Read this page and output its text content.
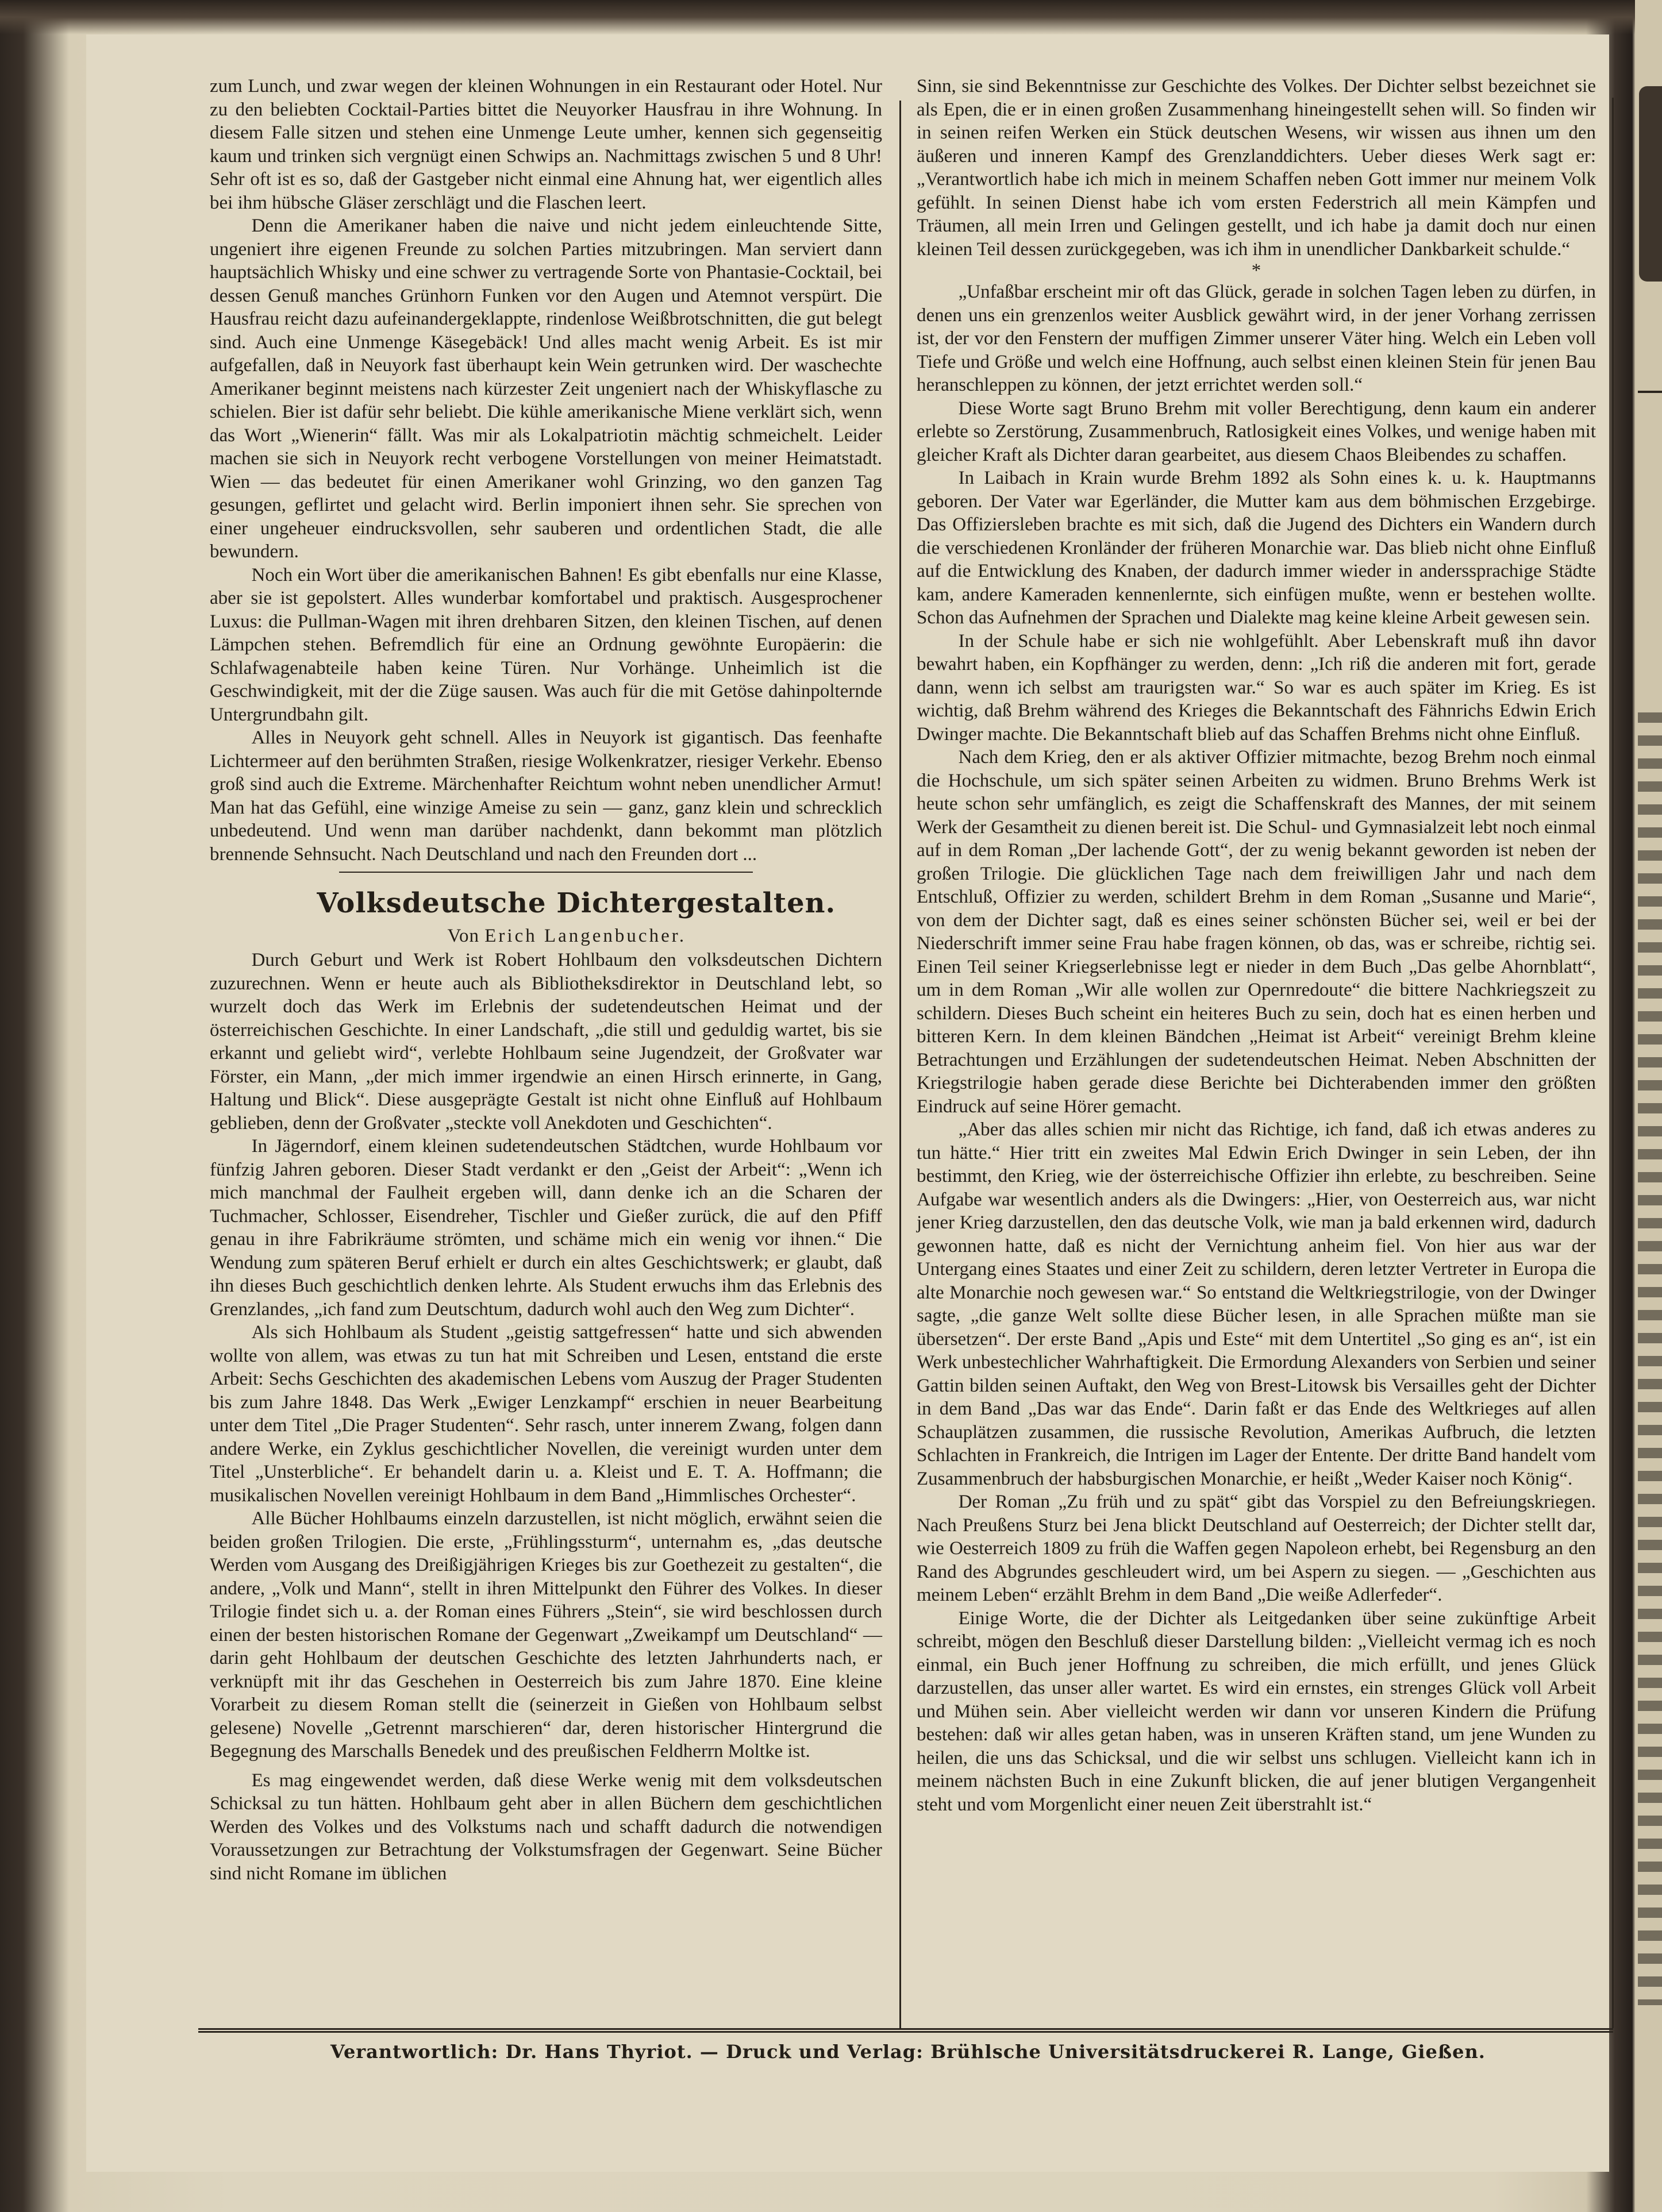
zum Lunch, und zwar wegen der kleinen Wohnungen in ein Restaurant oder Hotel. Nur zu den beliebten Cocktail-Parties bittet die Neuyorker Hausfrau in ihre Wohnung. In diesem Falle sitzen und stehen eine Unmenge Leute umher, kennen sich gegenseitig kaum und trinken sich vergnügt einen Schwips an. Nachmittags zwischen 5 und 8 Uhr! Sehr oft ist es so, daß der Gastgeber nicht einmal eine Ahnung hat, wer eigentlich alles bei ihm hübsche Gläser zerschlägt und die Flaschen leert.

Denn die Amerikaner haben die naive und nicht jedem einleuchtende Sitte, ungeniert ihre eigenen Freunde zu solchen Parties mitzubringen. Man serviert dann hauptsächlich Whisky und eine schwer zu vertragende Sorte von Phantasie-Cocktail, bei dessen Genuß manches Grünhorn Funken vor den Augen und Atemnot verspürt. Die Hausfrau reicht dazu aufeinandergeklappte, rindenlose Weißbrotschnitten, die gut belegt sind. Auch eine Unmenge Käsegebäck! Und alles macht wenig Arbeit. Es ist mir aufgefallen, daß in Neuyork fast überhaupt kein Wein getrunken wird. Der waschechte Amerikaner beginnt meistens nach kürzester Zeit ungeniert nach der Whiskyflasche zu schielen. Bier ist dafür sehr beliebt. Die kühle amerikanische Miene verklärt sich, wenn das Wort „Wienerin“ fällt. Was mir als Lokalpatriotin mächtig schmeichelt. Leider machen sie sich in Neuyork recht verbogene Vorstellungen von meiner Heimatstadt. Wien — das bedeutet für einen Amerikaner wohl Grinzing, wo den ganzen Tag gesungen, geflirtet und gelacht wird. Berlin imponiert ihnen sehr. Sie sprechen von einer ungeheuer eindrucksvollen, sehr sauberen und ordentlichen Stadt, die alle bewundern.

Noch ein Wort über die amerikanischen Bahnen! Es gibt ebenfalls nur eine Klasse, aber sie ist gepolstert. Alles wunderbar komfortabel und praktisch. Ausgesprochener Luxus: die Pullman-Wagen mit ihren drehbaren Sitzen, den kleinen Tischen, auf denen Lämpchen stehen. Befremdlich für eine an Ordnung gewöhnte Europäerin: die Schlafwagenabteile haben keine Türen. Nur Vorhänge. Unheimlich ist die Geschwindigkeit, mit der die Züge sausen. Was auch für die mit Getöse dahinpolternde Untergrundbahn gilt.

Alles in Neuyork geht schnell. Alles in Neuyork ist gigantisch. Das feenhafte Lichtermeer auf den berühmten Straßen, riesige Wolkenkratzer, riesiger Verkehr. Ebenso groß sind auch die Extreme. Märchenhafter Reichtum wohnt neben unendlicher Armut! Man hat das Gefühl, eine winzige Ameise zu sein — ganz, ganz klein und schrecklich unbedeutend. Und wenn man darüber nachdenkt, dann bekommt man plötzlich brennende Sehnsucht. Nach Deutschland und nach den Freunden dort ...

Volksdeutsche Dichtergestalten.

Von Erich Langenbucher.

Durch Geburt und Werk ist Robert Hohlbaum den volksdeutschen Dichtern zuzurechnen. Wenn er heute auch als Bibliotheksdirektor in Deutschland lebt, so wurzelt doch das Werk im Erlebnis der sudetendeutschen Heimat und der österreichischen Geschichte. In einer Landschaft, „die still und geduldig wartet, bis sie erkannt und geliebt wird“, verlebte Hohlbaum seine Jugendzeit, der Großvater war Förster, ein Mann, „der mich immer irgendwie an einen Hirsch erinnerte, in Gang, Haltung und Blick“. Diese ausgeprägte Gestalt ist nicht ohne Einfluß auf Hohlbaum geblieben, denn der Großvater „steckte voll Anekdoten und Geschichten“.

In Jägerndorf, einem kleinen sudetendeutschen Städtchen, wurde Hohlbaum vor fünfzig Jahren geboren. Dieser Stadt verdankt er den „Geist der Arbeit“: „Wenn ich mich manchmal der Faulheit ergeben will, dann denke ich an die Scharen der Tuchmacher, Schlosser, Eisendreher, Tischler und Gießer zurück, die auf den Pfiff genau in ihre Fabrikräume strömten, und schäme mich ein wenig vor ihnen.“ Die Wendung zum späteren Beruf erhielt er durch ein altes Geschichtswerk; er glaubt, daß ihn dieses Buch geschichtlich denken lehrte. Als Student erwuchs ihm das Erlebnis des Grenzlandes, „ich fand zum Deutschtum, dadurch wohl auch den Weg zum Dichter“.

Als sich Hohlbaum als Student „geistig sattgefressen“ hatte und sich abwenden wollte von allem, was etwas zu tun hat mit Schreiben und Lesen, entstand die erste Arbeit: Sechs Geschichten des akademischen Lebens vom Auszug der Prager Studenten bis zum Jahre 1848. Das Werk „Ewiger Lenzkampf“ erschien in neuer Bearbeitung unter dem Titel „Die Prager Studenten“. Sehr rasch, unter innerem Zwang, folgen dann andere Werke, ein Zyklus geschichtlicher Novellen, die vereinigt wurden unter dem Titel „Unsterbliche“. Er behandelt darin u. a. Kleist und E. T. A. Hoffmann; die musikalischen Novellen vereinigt Hohlbaum in dem Band „Himmlisches Orchester“.

Alle Bücher Hohlbaums einzeln darzustellen, ist nicht möglich, erwähnt seien die beiden großen Trilogien. Die erste, „Frühlingssturm“, unternahm es, „das deutsche Werden vom Ausgang des Dreißigjährigen Krieges bis zur Goethezeit zu gestalten“, die andere, „Volk und Mann“, stellt in ihren Mittelpunkt den Führer des Volkes. In dieser Trilogie findet sich u. a. der Roman eines Führers „Stein“, sie wird beschlossen durch einen der besten historischen Romane der Gegenwart „Zweikampf um Deutschland“ — darin geht Hohlbaum der deutschen Geschichte des letzten Jahrhunderts nach, er verknüpft mit ihr das Geschehen in Oesterreich bis zum Jahre 1870. Eine kleine Vorarbeit zu diesem Roman stellt die (seinerzeit in Gießen von Hohlbaum selbst gelesene) Novelle „Getrennt marschieren“ dar, deren historischer Hintergrund die Begegnung des Marschalls Benedek und des preußischen Feldherrn Moltke ist.

Es mag eingewendet werden, daß diese Werke wenig mit dem volksdeutschen Schicksal zu tun hätten. Hohlbaum geht aber in allen Büchern dem geschichtlichen Werden des Volkes und des Volkstums nach und schafft dadurch die notwendigen Voraussetzungen zur Betrachtung der Volkstumsfragen der Gegenwart. Seine Bücher sind nicht Romane im üblichen

Sinn, sie sind Bekenntnisse zur Geschichte des Volkes. Der Dichter selbst bezeichnet sie als Epen, die er in einen großen Zusammenhang hineingestellt sehen will. So finden wir in seinen reifen Werken ein Stück deutschen Wesens, wir wissen aus ihnen um den äußeren und inneren Kampf des Grenzlanddichters. Ueber dieses Werk sagt er: „Verantwortlich habe ich mich in meinem Schaffen neben Gott immer nur meinem Volk gefühlt. In seinen Dienst habe ich vom ersten Federstrich all mein Kämpfen und Träumen, all mein Irren und Gelingen gestellt, und ich habe ja damit doch nur einen kleinen Teil dessen zurückgegeben, was ich ihm in unendlicher Dankbarkeit schulde.“

*

„Unfaßbar erscheint mir oft das Glück, gerade in solchen Tagen leben zu dürfen, in denen uns ein grenzenlos weiter Ausblick gewährt wird, in der jener Vorhang zerrissen ist, der vor den Fenstern der muffigen Zimmer unserer Väter hing. Welch ein Leben voll Tiefe und Größe und welch eine Hoffnung, auch selbst einen kleinen Stein für jenen Bau heranschleppen zu können, der jetzt errichtet werden soll.“

Diese Worte sagt Bruno Brehm mit voller Berechtigung, denn kaum ein anderer erlebte so Zerstörung, Zusammenbruch, Ratlosigkeit eines Volkes, und wenige haben mit gleicher Kraft als Dichter daran gearbeitet, aus diesem Chaos Bleibendes zu schaffen.

In Laibach in Krain wurde Brehm 1892 als Sohn eines k. u. k. Hauptmanns geboren. Der Vater war Egerländer, die Mutter kam aus dem böhmischen Erzgebirge. Das Offiziersleben brachte es mit sich, daß die Jugend des Dichters ein Wandern durch die verschiedenen Kronländer der früheren Monarchie war. Das blieb nicht ohne Einfluß auf die Entwicklung des Knaben, der dadurch immer wieder in anderssprachige Städte kam, andere Kameraden kennenlernte, sich einfügen mußte, wenn er bestehen wollte. Schon das Aufnehmen der Sprachen und Dialekte mag keine kleine Arbeit gewesen sein.

In der Schule habe er sich nie wohlgefühlt. Aber Lebenskraft muß ihn davor bewahrt haben, ein Kopfhänger zu werden, denn: „Ich riß die anderen mit fort, gerade dann, wenn ich selbst am traurigsten war.“ So war es auch später im Krieg. Es ist wichtig, daß Brehm während des Krieges die Bekanntschaft des Fähnrichs Edwin Erich Dwinger machte. Die Bekanntschaft blieb auf das Schaffen Brehms nicht ohne Einfluß.

Nach dem Krieg, den er als aktiver Offizier mitmachte, bezog Brehm noch einmal die Hochschule, um sich später seinen Arbeiten zu widmen. Bruno Brehms Werk ist heute schon sehr umfänglich, es zeigt die Schaffenskraft des Mannes, der mit seinem Werk der Gesamtheit zu dienen bereit ist. Die Schul- und Gymnasialzeit lebt noch einmal auf in dem Roman „Der lachende Gott“, der zu wenig bekannt geworden ist neben der großen Trilogie. Die glücklichen Tage nach dem freiwilligen Jahr und nach dem Entschluß, Offizier zu werden, schildert Brehm in dem Roman „Susanne und Marie“, von dem der Dichter sagt, daß es eines seiner schönsten Bücher sei, weil er bei der Niederschrift immer seine Frau habe fragen können, ob das, was er schreibe, richtig sei. Einen Teil seiner Kriegserlebnisse legt er nieder in dem Buch „Das gelbe Ahornblatt“, um in dem Roman „Wir alle wollen zur Opernredoute“ die bittere Nachkriegszeit zu schildern. Dieses Buch scheint ein heiteres Buch zu sein, doch hat es einen herben und bitteren Kern. In dem kleinen Bändchen „Heimat ist Arbeit“ vereinigt Brehm kleine Betrachtungen und Erzählungen der sudetendeutschen Heimat. Neben Abschnitten der Kriegstrilogie haben gerade diese Berichte bei Dichterabenden immer den größten Eindruck auf seine Hörer gemacht.

„Aber das alles schien mir nicht das Richtige, ich fand, daß ich etwas anderes zu tun hätte.“ Hier tritt ein zweites Mal Edwin Erich Dwinger in sein Leben, der ihn bestimmt, den Krieg, wie der österreichische Offizier ihn erlebte, zu beschreiben. Seine Aufgabe war wesentlich anders als die Dwingers: „Hier, von Oesterreich aus, war nicht jener Krieg darzustellen, den das deutsche Volk, wie man ja bald erkennen wird, dadurch gewonnen hatte, daß es nicht der Vernichtung anheim fiel. Von hier aus war der Untergang eines Staates und einer Zeit zu schildern, deren letzter Vertreter in Europa die alte Monarchie noch gewesen war.“ So entstand die Weltkriegstrilogie, von der Dwinger sagte, „die ganze Welt sollte diese Bücher lesen, in alle Sprachen müßte man sie übersetzen“. Der erste Band „Apis und Este“ mit dem Untertitel „So ging es an“, ist ein Werk unbestechlicher Wahrhaftigkeit. Die Ermordung Alexanders von Serbien und seiner Gattin bilden seinen Auftakt, den Weg von Brest-Litowsk bis Versailles geht der Dichter in dem Band „Das war das Ende“. Darin faßt er das Ende des Weltkrieges auf allen Schauplätzen zusammen, die russische Revolution, Amerikas Aufbruch, die letzten Schlachten in Frankreich, die Intrigen im Lager der Entente. Der dritte Band handelt vom Zusammenbruch der habsburgischen Monarchie, er heißt „Weder Kaiser noch König“.

Der Roman „Zu früh und zu spät“ gibt das Vorspiel zu den Befreiungskriegen. Nach Preußens Sturz bei Jena blickt Deutschland auf Oesterreich; der Dichter stellt dar, wie Oesterreich 1809 zu früh die Waffen gegen Napoleon erhebt, bei Regensburg an den Rand des Abgrundes geschleudert wird, um bei Aspern zu siegen. — „Geschichten aus meinem Leben“ erzählt Brehm in dem Band „Die weiße Adlerfeder“.

Einige Worte, die der Dichter als Leitgedanken über seine zukünftige Arbeit schreibt, mögen den Beschluß dieser Darstellung bilden: „Vielleicht vermag ich es noch einmal, ein Buch jener Hoffnung zu schreiben, die mich erfüllt, und jenes Glück darzustellen, das unser aller wartet. Es wird ein ernstes, ein strenges Glück voll Arbeit und Mühen sein. Aber vielleicht werden wir dann vor unseren Kindern die Prüfung bestehen: daß wir alles getan haben, was in unseren Kräften stand, um jene Wunden zu heilen, die uns das Schicksal, und die wir selbst uns schlugen. Vielleicht kann ich in meinem nächsten Buch in eine Zukunft blicken, die auf jener blutigen Vergangenheit steht und vom Morgenlicht einer neuen Zeit überstrahlt ist.“

Verantwortlich: Dr. Hans Thyriot. — Druck und Verlag: Brühlsche Universitätsdruckerei R. Lange, Gießen.
